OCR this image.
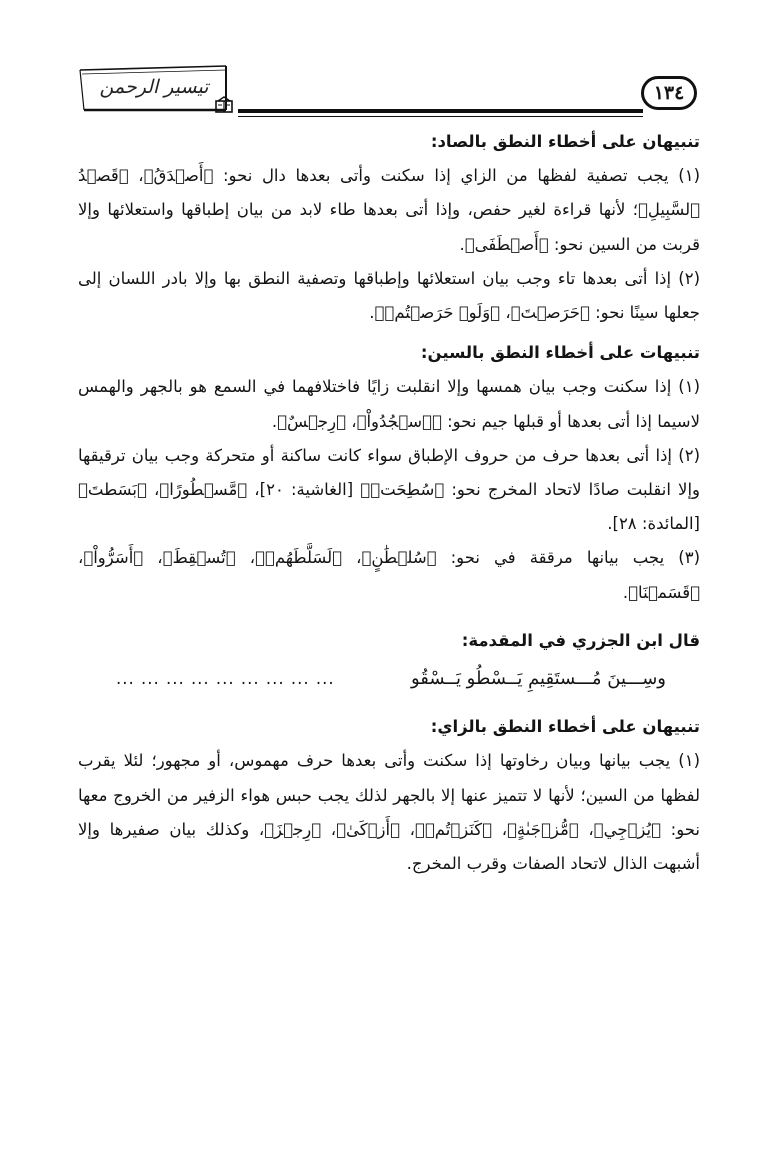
١٣٤
تيسير الرحمن

تنبيهان على أخطاء النطق بالصاد:

(١) يجب تصفية لفظها من الزاي إذا سكنت وأتى بعدها دال نحو: ﴿أَصۡدَقُ﴾، ﴿قَصۡدُ ٱلسَّبِيلِ﴾؛ لأنها قراءة لغير حفص، وإذا أتى بعدها طاء لابد من بيان إطباقها واستعلائها وإلا قربت من السين نحو: ﴿أَصۡطَفَى﴾.

(٢) إذا أتى بعدها تاء وجب بيان استعلائها وإطباقها وتصفية النطق بها وإلا بادر اللسان إلى جعلها سينًا نحو: ﴿حَرَصۡتَ﴾، ﴿وَلَوۡ حَرَصۡتُمۡ﴾.

تنبيهات على أخطاء النطق بالسين:

(١) إذا سكنت وجب بيان همسها وإلا انقلبت زايًا فاختلافهما في السمع هو بالجهر والهمس لاسيما إذا أتى بعدها أو قبلها جيم نحو: ﴿ٱسۡجُدُواْ﴾، ﴿رِجۡسٌ﴾.

(٢) إذا أتى بعدها حرف من حروف الإطباق سواء كانت ساكنة أو متحركة وجب بيان ترقيقها وإلا انقلبت صادًا لاتحاد المخرج نحو: ﴿سُطِحَتۡ﴾ [الغاشية: ٢٠]، ﴿مَّسۡطُورًا﴾، ﴿بَسَطتَ﴾ [المائدة: ٢٨].

(٣) يجب بيانها مرققة في نحو: ﴿سُلۡطَٰنٍ﴾، ﴿لَسَلَّطَهُمۡ﴾، ﴿تُسۡقِطَ﴾، ﴿أَسَرُّواْ﴾، ﴿قَسَمۡنَا﴾.

قال ابن الجزري في المقدمة:

وسِـــينَ مُـــستَقِيمِ يَــسْطُو يَــسْقُو
... ... ... ... ... ... ... ... ...

تنبيهان على أخطاء النطق بالزاي:

(١) يجب بيانها وبيان رخاوتها إذا سكنت وأتى بعدها حرف مهموس، أو مجهور؛ لئلا يقرب لفظها من السين؛ لأنها لا تتميز عنها إلا بالجهر لذلك يجب حبس هواء الزفير من الخروج معها نحو: ﴿يُزۡجِي﴾، ﴿مُّزۡجَىٰةٍ﴾، ﴿كَنَزۡتُمۡ﴾، ﴿أَزۡكَىٰ﴾، ﴿رِجۡزَ﴾، وكذلك بيان صفيرها وإلا أشبهت الذال لاتحاد الصفات وقرب المخرج.
